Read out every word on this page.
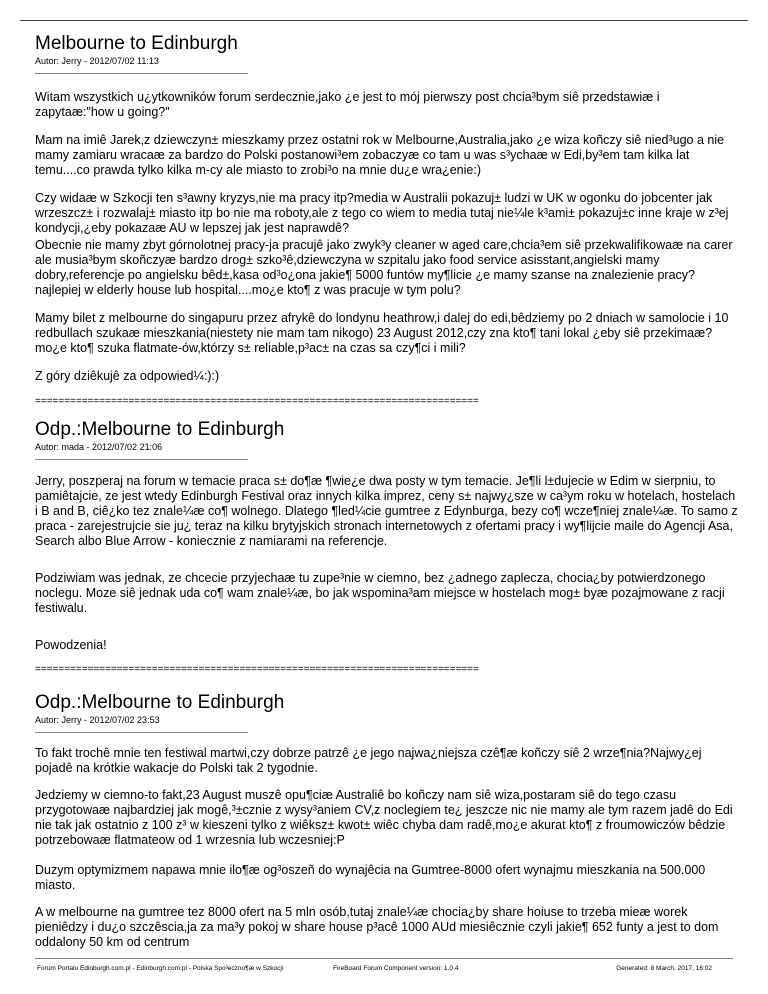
Melbourne to Edinburgh
Autor: Jerry - 2012/07/02 11:13

Witam wszystkich u¿ytkowników forum serdecznie,jako ¿e jest to mój pierwszy post chcia³bym siê przedstawiæ i zapytaæ:"how u going?"

Mam na imiê Jarek,z dziewczyn± mieszkamy przez ostatni rok w Melbourne,Australia,jako ¿e wiza koñczy siê nied³ugo a nie mamy zamiaru wracaæ za bardzo do Polski postanowi³em zobaczyæ co tam u was s³ychaæ w Edi,by³em tam kilka lat temu....co prawda tylko kilka m-cy ale miasto to zrobi³o na mnie du¿e wra¿enie:)

Czy widaæ w Szkocji ten s³awny kryzys,nie ma pracy itp?media w Australii pokazuj± ludzi w UK w ogonku do jobcenter jak wrzeszcz± i rozwalaj± miasto itp bo nie ma roboty,ale z tego co wiem to media tutaj nie¼le k³ami± pokazuj±c inne kraje w z³ej kondycji,¿eby pokazaæ AU w lepszej jak jest naprawdê?

Obecnie nie mamy zbyt górnolotnej pracy-ja pracujê jako zwyk³y cleaner w aged care,chcia³em siê przekwalifikowaæ na carer ale musia³bym skoñczyæ bardzo drog± szko³ê,dziewczyna w szpitalu jako food service asisstant,angielski mamy dobry,referencje po angielsku bêd±,kasa od³o¿ona jakie¶ 5000 funtów my¶licie ¿e mamy szanse na znalezienie pracy?najlepiej w elderly house lub hospital....mo¿e kto¶ z was pracuje w tym polu?

Mamy bilet z melbourne do singapuru przez afrykê do londynu heathrow,i dalej do edi,bêdziemy po 2 dniach w samolocie i 10 redbullach szukaæ mieszkania(niestety nie mam tam nikogo) 23 August 2012,czy zna kto¶ tani lokal ¿eby siê przekimaæ? mo¿e kto¶ szuka flatmate-ów,którzy s± reliable,p³ac± na czas sa czy¶ci i mili?

Z góry dziêkujê za odpowied¼:):)

============================================================================
Odp.:Melbourne to Edinburgh
Autor: mada - 2012/07/02 21:06

Jerry, poszperaj na forum w temacie praca s± do¶æ ¶wie¿e dwa posty w tym temacie. Je¶li l±dujecie w Edim w sierpniu, to pamiêtajcie, ze jest wtedy Edinburgh Festival oraz innych kilka imprez, ceny s± najwy¿sze w ca³ym roku w hotelach, hostelach i B and B, ciê¿ko tez znale¼æ co¶ wolnego. Dlatego ¶led¼cie gumtree z Edynburga, bezy co¶ wcze¶niej znale¼æ. To samo z praca - zarejestrujcie sie ju¿ teraz na kilku brytyjskich stronach internetowych z ofertami pracy i wy¶lijcie maile do Agencji Asa, Search albo Blue Arrow - koniecznie z namiarami na referencje.

Podziwiam was jednak, ze chcecie przyjechaæ tu zupe³nie w ciemno, bez ¿adnego zaplecza, chocia¿by potwierdzonego noclegu. Moze siê jednak uda co¶ wam znale¼æ, bo jak wspomina³am miejsce w hostelach mog± byæ pozajmowane z racji festiwalu.

Powodzenia!

============================================================================
Odp.:Melbourne to Edinburgh
Autor: Jerry - 2012/07/02 23:53

To fakt trochê mnie ten festiwal martwi,czy dobrze patrzê ¿e jego najwa¿niejsza czê¶æ koñczy siê 2 wrze¶nia?Najwy¿ej pojadê na krótkie wakacje do Polski tak 2 tygodnie.

Jedziemy w ciemno-to fakt,23 August muszê opu¶ciæ Australiê bo koñczy nam siê wiza,postaram siê do tego czasu przygotowaæ najbardziej jak mogê,³±cznie z wysy³aniem CV,z noclegiem te¿ jeszcze nic nie mamy ale tym razem jadê do Edi nie tak jak ostatnio z 100 z³ w kieszeni tylko z wiêksz± kwot± wiêc chyba dam radê,mo¿e akurat kto¶ z froumowiczów bêdzie potrzebowaæ flatmateow od 1 wrzesnia lub wczesniej:P

Duzym optymizmem napawa mnie ilo¶æ og³oszeñ do wynajêcia na Gumtree-8000 ofert wynajmu mieszkania na 500.000 miasto.

A w melbourne na gumtree tez 8000 ofert na 5 mln osób,tutaj znale¼æ chocia¿by share hoiuse to trzeba mieæ worek pieniêdzy i du¿o szczêscia,ja za ma³y pokoj w share house p³acê 1000 AUd miesiêcznie czyli jakie¶ 652 funty a jest to dom oddalony 50 km od centrum

Forum Portalu Edinburgh.com.pl - Edinburgh.com.pl - Polska Spo³eczno¶æ w Szkocji	FireBoard Forum Component version: 1.0.4	Generated: 8 March, 2017, 16:02
